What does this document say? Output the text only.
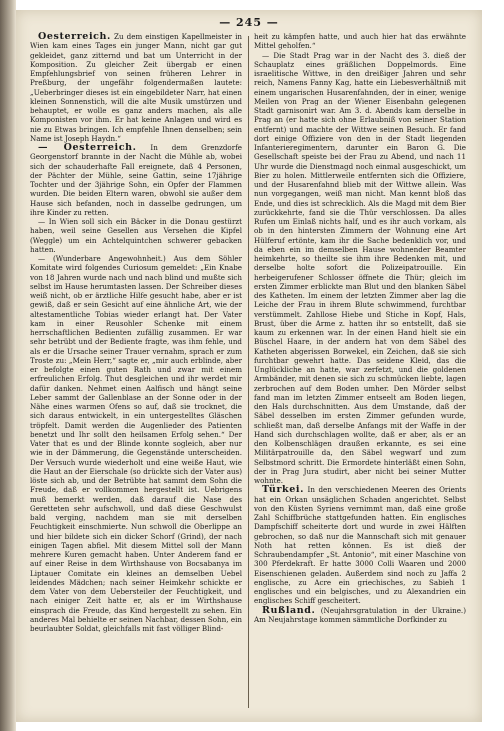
— 245 —

Oesterreich. Zu dem einstigen Kapellmeister in Wien kam eines Tages ein junger Mann, nicht gar gut gekleidet, ganz zitternd und bat um Unterricht in der Komposition. Zu gleicher Zeit übergab er einen Empfehlungsbrief von seinen früheren Lehrer in Preßburg, der ungefähr folgendermaßen lautete: „Ueberbringer dieses ist ein eingebildeter Narr, hat einen kleinen Sonnenstich, will die alte Musik umstürzen und behauptet, er wolle es ganz anders machen, als alle Komponisten vor ihm. Er hat keine Anlagen und wird es nie zu Etwas bringen. Ich empfehle Ihnen denselben; sein Name ist Joseph Haydn.“

— Oesterreich. In dem Grenzdorfe Georgenstorf brannte in der Nacht die Mühle ab, wobei sich der schauderhafte Fall ereignete, daß 4 Personen, der Pächter der Mühle, seine Gattin, seine 17jährige Tochter und der 3jährige Sohn, ein Opfer der Flammen wurden. Die beiden Eltern waren, obwohl sie außer dem Hause sich befanden, noch in dasselbe gedrungen, um ihre Kinder zu retten.

— In Wien soll sich ein Bäcker in die Donau gestürzt haben, weil seine Gesellen aus Versehen die Kipfel (Weggle) um ein Achtelquintchen schwerer gebacken hatten.

— (Wunderbare Angewohnheit.) Aus dem Söhler Komitate wird folgendes Curiosum gemeldet: „Ein Knabe von 18 Jahren wurde nach und nach blind und mußte sich selbst im Hause herumtasten lassen. Der Schreiber dieses weiß nicht, ob er ärztliche Hilfe gesucht habe, aber er ist gewiß, daß er sein Gesicht auf eine ähnliche Art, wie der altestamentliche Tobias wieder erlangt hat. Der Vater kam in einer Reusohler Schenke mit einem herrschaftlichen Bedienten zufällig zusammen. Er war sehr betrübt und der Bediente fragte, was ihm fehle, und als er die Ursache seiner Trauer vernahm, sprach er zum Troste zu: „Mein Herr,“ sagte er, „mir auch erblinde, aber er befolgte einen guten Rath und zwar mit einem erfreulichen Erfolg. Thut desgleichen und ihr werdet mir dafür danken. Nehmet einen Aalfisch und hängt seine Leber sammt der Gallenblase an der Sonne oder in der Nähe eines warmen Ofens so auf, daß sie trocknet, die sich daraus entwickelt, in ein untergestelltes Gläschen tröpfelt. Damit werden die Augenlieder des Patienten benetzt und Ihr sollt den heilsamen Erfolg sehen.“ Der Vater that es und der Blinde konnte sogleich, aber nur wie in der Dämmerung, die Gegenstände unterscheiden. Der Versuch wurde wiederholt und eine weiße Haut, wie die Haut an der Eierschale (so drückte sich der Vater aus) löste sich ab, und der Betrübte hat sammt dem Sohn die Freude, daß er vollkommen hergestellt ist. Uebrigens muß bemerkt werden, daß darauf die Nase des Geretteten sehr aufschwoll, und daß diese Geschwulst bald verging, nachdem man sie mit derselben Feuchtigkeit einschmierte. Nun schwoll die Oberlippe an und hier bildete sich ein dicker Schorf (Grind), der nach einigen Tagen abfiel. Mit diesem Mittel soll der Mann mehrere Kuren gemacht haben. Unter Anderem fand er auf einer Reise in dem Wirthshause von Bocsabanya im Liptauer Comitate ein kleines an demselben Uebel leidendes Mädchen; nach seiner Heimkehr schickte er dem Vater von dem Uebersteiler der Feuchtigkeit, und nach einiger Zeit hatte er, als er im Wirthshause einsprach die Freude, das Kind hergestellt zu sehen. Ein anderes Mal behielte er seinen Nachbar, dessen Sohn, ein beurlaubter Soldat, gleichfalls mit fast völliger Blind-

heit zu kämpfen hatte, und auch hier hat das erwähnte Mittel geholfen.“

— Die Stadt Prag war in der Nacht des 3. dieß der Schauplatz eines gräßlichen Doppelmords. Eine israelitische Wittwe, in den dreißiger Jahren und sehr reich, Namens Fanny Kag, hatte ein Liebesverhältniß mit einem ungarischen Husarenfahnden, der in einer, wenige Meilen von Prag an der Wiener Eisenbahn gelegenen Stadt garnisonirt war. Am 3. d. Abends kam derselbe in Prag an (er hatte sich ohne Erlaubniß von seiner Station entfernt) und machte der Wittwe seinen Besuch. Er fand dort einige Offiziere von den in der Stadt liegenden Infanterieregimentern, darunter ein Baron G. Die Gesellschaft speiste bei der Frau zu Abend, und nach 11 Uhr wurde die Dienstmagd noch einmal ausgeschickt, um Bier zu holen. Mittlerweile entfernten sich die Offiziere, und der Husarenfahnd blieb mit der Wittwe allein. Was nun vorgegangen, weiß man nicht. Man kennt bloß das Ende, und dies ist schrecklich. Als die Magd mit dem Bier zurückkehrte, fand sie die Thür verschlossen. Da alles Rufen um Einlaß nichts half, und es ihr auch vorkam, als ob in den hintersten Zimmern der Wohnung eine Art Hülferuf ertönte, kam ihr die Sache bedenklich vor, und da eben ein im demselben Hause wohnender Beamter heimkehrte, so theilte sie ihm ihre Bedenken mit, und derselbe holte sofort die Polizeipatrouille. Ein herbeigerufener Schlosser öffnete die Thür; gleich im ersten Zimmer erblickte man Blut und den blanken Säbel des Katheten. Im einem der letzten Zimmer aber lag die Leiche der Frau in ihrem Blute schwimmend, furchtbar verstümmelt. Zahllose Hiebe und Stiche in Kopf, Hals, Brust, über die Arme z. hatten ihr so entstellt, daß sie kaum zu erkennen war. In der einen Hand hielt sie ein Büschel Haare, in der andern hat von dem Säbel des Katheten abgerissen Borwekel, ein Zeichen, daß sie sich furchtbar gewehrt hatte. Das seidene Kleid, das die Unglückliche an hatte, war zerfetzt, und die goldenen Armbänder, mit denen sie sich zu schmücken liebte, lagen zerbrochen auf dem Boden umher. Den Mörder selbst fand man im letzten Zimmer entseelt am Boden liegen, den Hals durchschnitten. Aus dem Umstande, daß der Säbel desselben im ersten Zimmer gefunden wurde, schließt man, daß derselbe Anfangs mit der Waffe in der Hand sich durchschlagen wollte, daß er aber, als er an den Kolbenschlägen draußen erkannte, es sei eine Militärpatrouille da, den Säbel wegwarf und zum Selbstmord schritt. Die Ermordete hinterläßt einen Sohn, der in Prag Jura studirt, aber nicht bei seiner Mutter wohnte.

Türkei. In den verschiedenen Meeren des Orients hat ein Orkan unsäglichen Schaden angerichtet. Selbst von den Küsten Syriens vernimmt man, daß eine große Zahl Schiffbrüche stattgefunden hatten. Ein englisches Dampfschiff scheiterte dort und wurde in zwei Hälften gebrochen, so daß nur die Mannschaft sich mit genauer Noth hat retten können. Es ist dieß der Schraubendampfer „St. Antonio“, mit einer Maschine von 300 Pferdekraft. Er hatte 3000 Colli Waaren und 2000 Eisenschienen geladen. Außerdem sind noch zu Jaffa 2 englische, zu Acre ein griechisches, zu Sabieh 1 englisches und ein belgisches, und zu Alexandrien ein englisches Schiff gescheitert.

Rußland. (Neujahrsgratulation in der Ukraine.) Am Neujahrstage kommen sämmtliche Dorfkinder zu
